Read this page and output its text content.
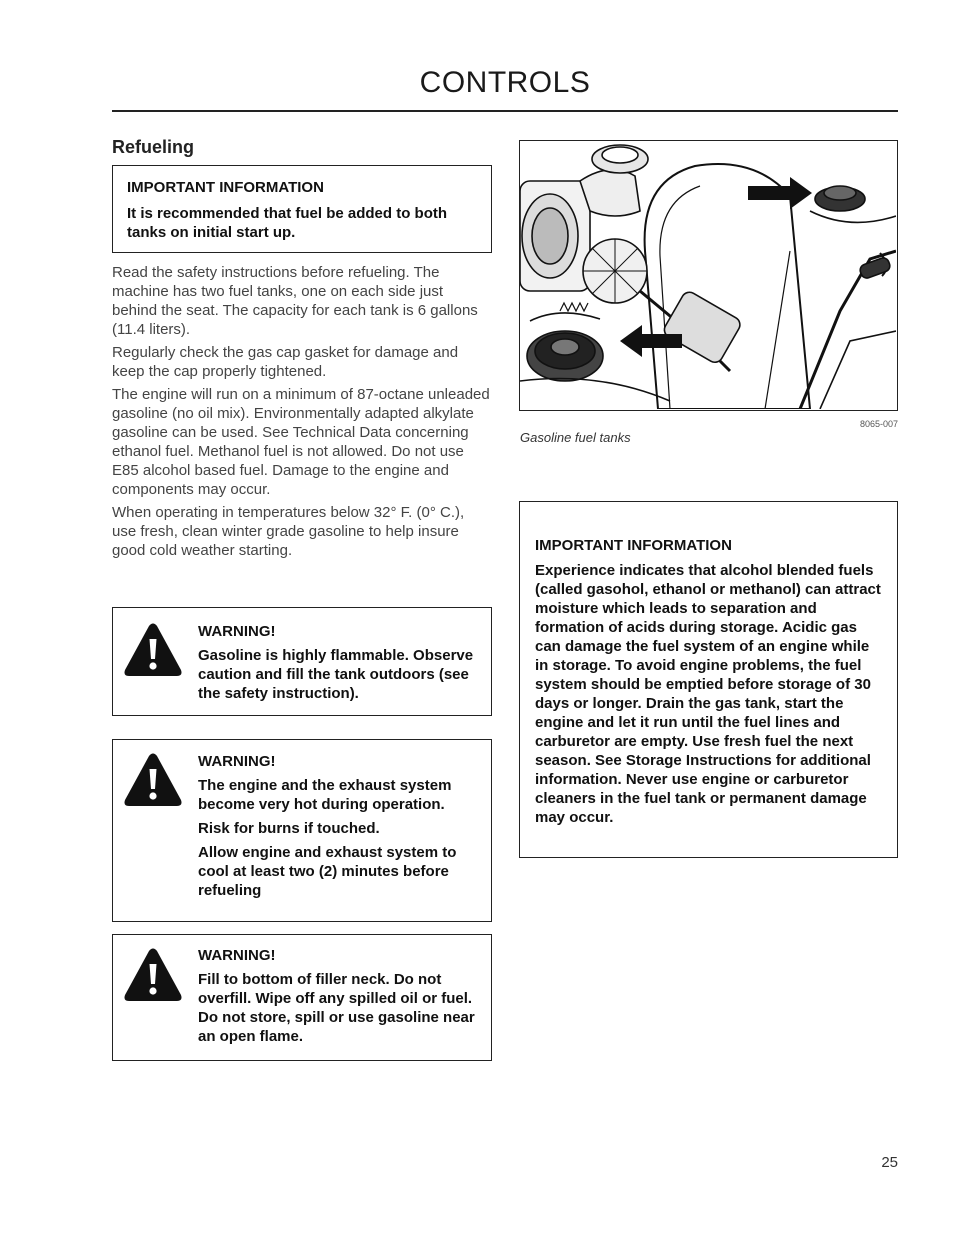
CONTROLS
Refueling
IMPORTANT INFORMATION
It is recommended that fuel be added to both tanks on initial start up.

Read the safety instructions before refueling. The machine has two fuel tanks, one on each side just behind the seat. The capacity for each tank is 6 gallons (11.4 liters).

Regularly check the gas cap gasket for damage and keep the cap properly tightened.

The engine will run on a minimum of 87-octane unleaded gasoline (no oil mix). Environmentally adapted alkylate gasoline can be used. See Technical Data concerning ethanol fuel. Methanol fuel is not allowed. Do not use E85 alcohol based fuel. Damage to the engine and components may occur.

When operating in temperatures below 32° F. (0° C.), use fresh, clean winter grade gasoline to help insure good cold weather starting.

WARNING!

Gasoline is highly flammable. Observe caution and fill the tank outdoors (see the safety instruction).

WARNING!

The engine and the exhaust system become very hot during operation.

Risk for burns if touched.

Allow engine and exhaust system to cool at least two (2) minutes before refueling

WARNING!

Fill to bottom of filler neck. Do not overfill. Wipe off any spilled oil or fuel. Do not store, spill or use gasoline near an open flame.

8065-007
Gasoline fuel tanks
IMPORTANT INFORMATION
Experience indicates that alcohol blended fuels (called gasohol, ethanol or methanol) can attract moisture which leads to separation and formation of acids during storage. Acidic gas can damage the fuel system of an engine while in storage. To avoid engine problems, the fuel system should be emptied before storage of 30 days or longer. Drain the gas tank, start the engine and let it run until the fuel lines and carburetor are empty. Use fresh fuel the next season. See Storage Instructions for additional information. Never use engine or carburetor cleaners in the fuel tank or permanent damage may occur.
25
